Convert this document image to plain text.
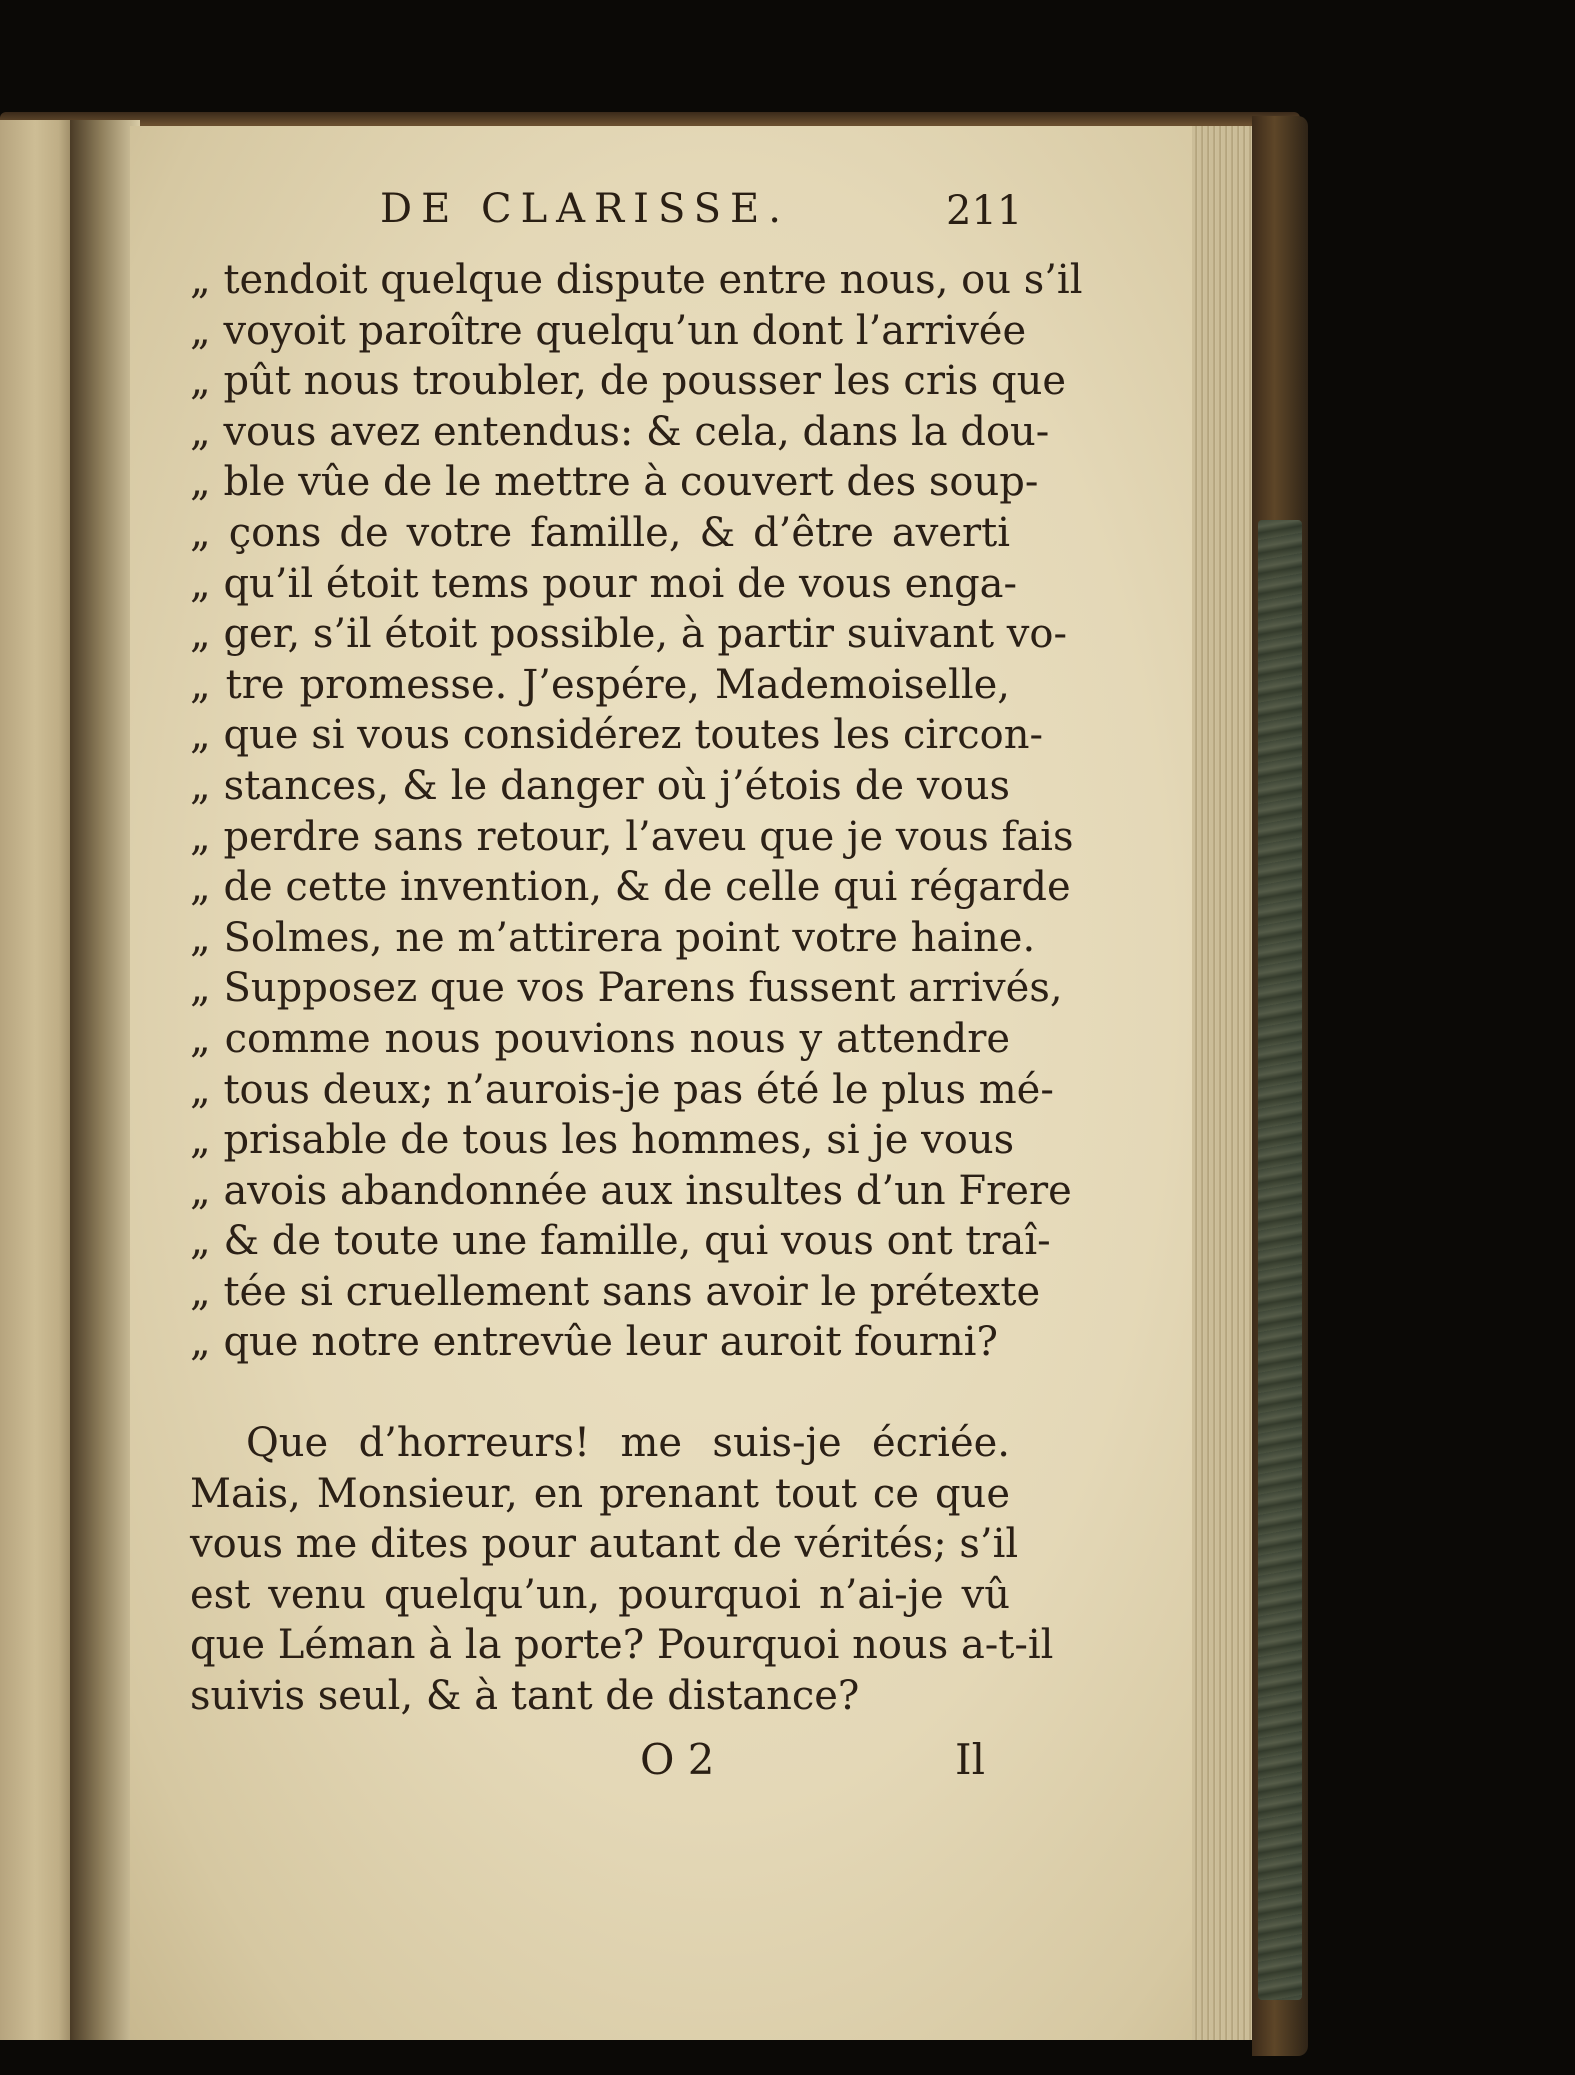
DE CLARISSE.	211
„ tendoit quelque dispute entre nous, ou s’il
„ voyoit paroître quelqu’un dont l’arrivée
„ pût nous troubler, de pousser les cris que
„ vous avez entendus: & cela, dans la dou-
„ ble vûe de le mettre à couvert des soup-
„ çons de votre famille, & d’être averti
„ qu’il étoit tems pour moi de vous enga-
„ ger, s’il étoit possible, à partir suivant vo-
„ tre promesse. J’espére, Mademoiselle,
„ que si vous considérez toutes les circon-
„ stances, & le danger où j’étois de vous
„ perdre sans retour, l’aveu que je vous fais
„ de cette invention, & de celle qui régarde
„ Solmes, ne m’attirera point votre haine.
„ Supposez que vos Parens fussent arrivés,
„ comme nous pouvions nous y attendre
„ tous deux; n’aurois-je pas été le plus mé-
„ prisable de tous les hommes, si je vous
„ avois abandonnée aux insultes d’un Frere
„ & de toute une famille, qui vous ont traî-
„ tée si cruellement sans avoir le prétexte
„ que notre entrevûe leur auroit fourni?
Que d’horreurs! me suis-je écriée.
Mais, Monsieur, en prenant tout ce que
vous me dites pour autant de vérités; s’il
est venu quelqu’un, pourquoi n’ai-je vû
que Léman à la porte? Pourquoi nous a-t-il
suivis seul, & à tant de distance?
O 2	Il
